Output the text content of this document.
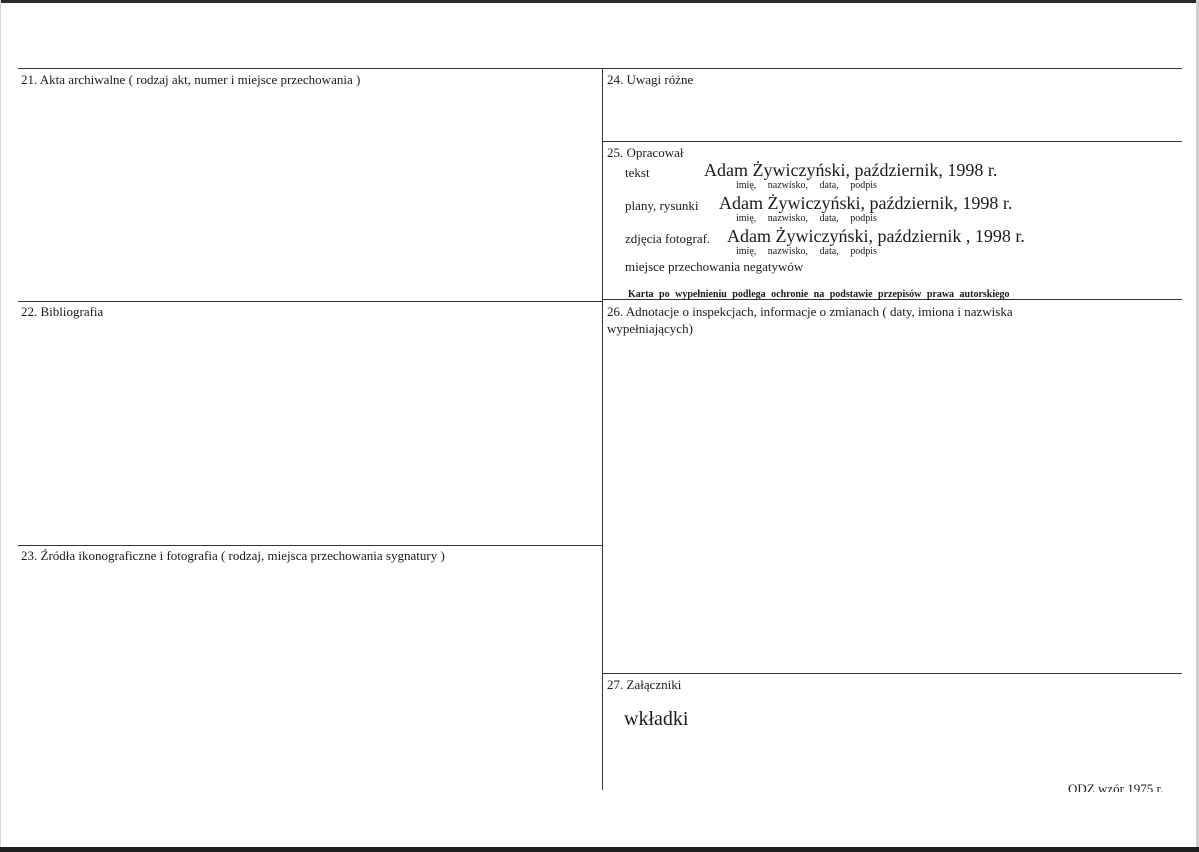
21. Akta archiwalne ( rodzaj akt, numer i miejsce przechowania )
22. Bibliografia
23. Źródła ikonograficzne i fotografia ( rodzaj, miejsca przechowania sygnatury )
24. Uwagi różne
25. Opracował
tekst	Adam Żywiczyński, październik, 1998 r.
imię, nazwisko, data, podpis
plany, rysunki Adam Żywiczyński, październik, 1998 r.
imię, nazwisko, data, podpis
zdjęcia fotograf. Adam Żywiczyński, październik , 1998 r.
imię, nazwisko, data, podpis
miejsce przechowania negatywów
Karta po wypełnieniu podlega ochronie na podstawie przepisów prawa autorskiego
26. Adnotacje o inspekcjach, informacje o zmianach ( daty, imiona i nazwiska
wypełniających)
27. Załączniki
wkładki
ODZ wzór 1975 r.
